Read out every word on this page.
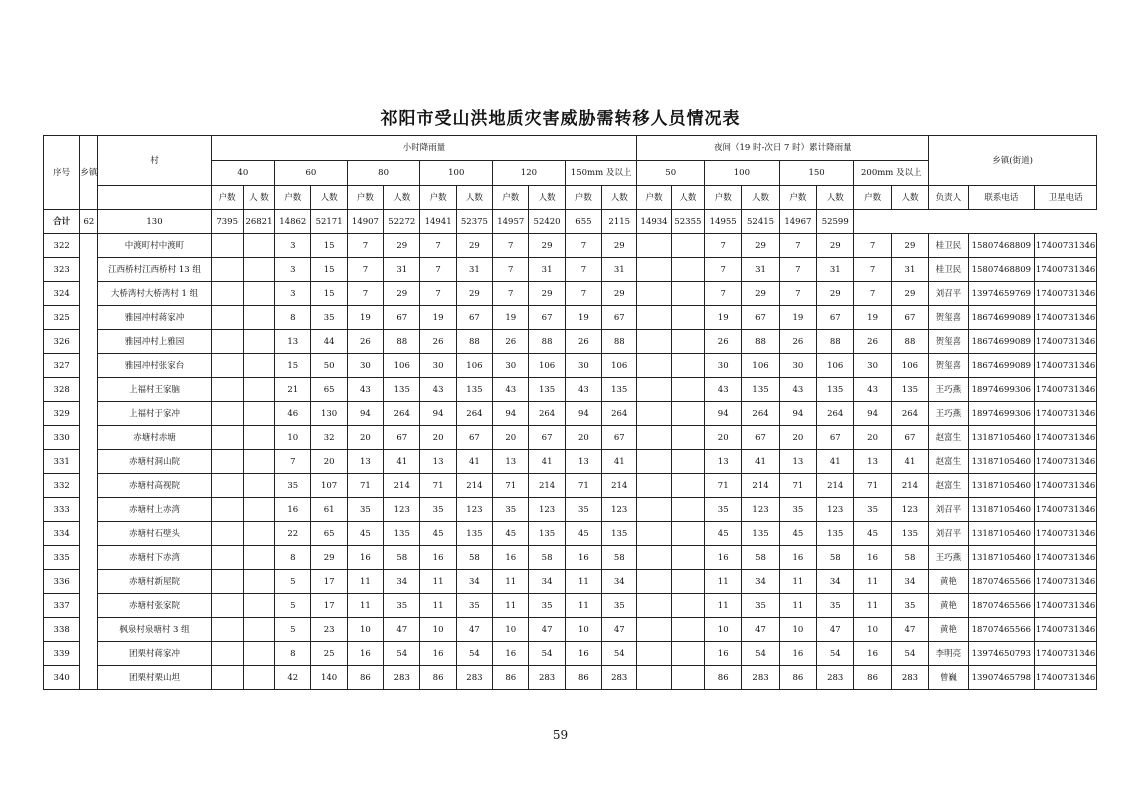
祁阳市受山洪地质灾害威胁需转移人员情况表
序号	乡镇	村	小时降雨量												夜间（19 时-次日 7 时）累计降雨量								乡镇(街道)		
			40		60		80		100		120		150mm 及以上		50		100		150		200mm 及以上				
			户数	人 数	户数	人数	户数	人数	户数	人数	户数	人数	户数	人数	户数	人数	户数	人数	户数	人数	户数	人数	负责人	联系电话	卫星电话

合计	62	130	7395	26821	14862	52171	14907	52272	14941	52375	14957	52420	655	2115	14934	52355	14955	52415	14967	52599					
322		中渡町村中渡町			3	15	7	29	7	29	7	29	7	29			7	29	7	29	7	29	桂卫民	15807468809	17400731346
323		江西桥村江西桥村 13 组			3	15	7	31	7	31	7	31	7	31			7	31	7	31	7	31	桂卫民	15807468809	17400731346
324		大桥湾村大桥湾村 1 组			3	15	7	29	7	29	7	29	7	29			7	29	7	29	7	29	刘召平	13974659769	17400731346
325		雅园冲村蒋家冲			8	35	19	67	19	67	19	67	19	67			19	67	19	67	19	67	贺玺喜	18674699089	17400731346
326		雅园冲村上雅园			13	44	26	88	26	88	26	88	26	88			26	88	26	88	26	88	贺玺喜	18674699089	17400731346
327		雅园冲村张家台			15	50	30	106	30	106	30	106	30	106			30	106	30	106	30	106	贺玺喜	18674699089	17400731346
328		上福村王家脑			21	65	43	135	43	135	43	135	43	135			43	135	43	135	43	135	王巧燕	18974699306	17400731346
329		上福村于家冲			46	130	94	264	94	264	94	264	94	264			94	264	94	264	94	264	王巧燕	18974699306	17400731346
330		赤塘村赤塘			10	32	20	67	20	67	20	67	20	67			20	67	20	67	20	67	赵富生	13187105460	17400731346
331		赤塘村洞山院			7	20	13	41	13	41	13	41	13	41			13	41	13	41	13	41	赵富生	13187105460	17400731346
332		赤塘村高视院			35	107	71	214	71	214	71	214	71	214			71	214	71	214	71	214	赵富生	13187105460	17400731346
333		赤塘村上赤湾			16	61	35	123	35	123	35	123	35	123			35	123	35	123	35	123	刘召平	13187105460	17400731346
334		赤塘村石壁头			22	65	45	135	45	135	45	135	45	135			45	135	45	135	45	135	刘召平	13187105460	17400731346
335		赤塘村下赤湾			8	29	16	58	16	58	16	58	16	58			16	58	16	58	16	58	王巧燕	13187105460	17400731346
336		赤塘村新屋院			5	17	11	34	11	34	11	34	11	34			11	34	11	34	11	34	黄艳	18707465566	17400731346
337		赤塘村张家院			5	17	11	35	11	35	11	35	11	35			11	35	11	35	11	35	黄艳	18707465566	17400731346
338		枫泉村泉塘村 3 组			5	23	10	47	10	47	10	47	10	47			10	47	10	47	10	47	黄艳	18707465566	17400731346
339		团栗村蒋家冲			8	25	16	54	16	54	16	54	16	54			16	54	16	54	16	54	李明亮	13974650793	17400731346
340		团栗村栗山坦			42	140	86	283	86	283	86	283	86	283			86	283	86	283	86	283	曾巍	13907465798	17400731346
59
